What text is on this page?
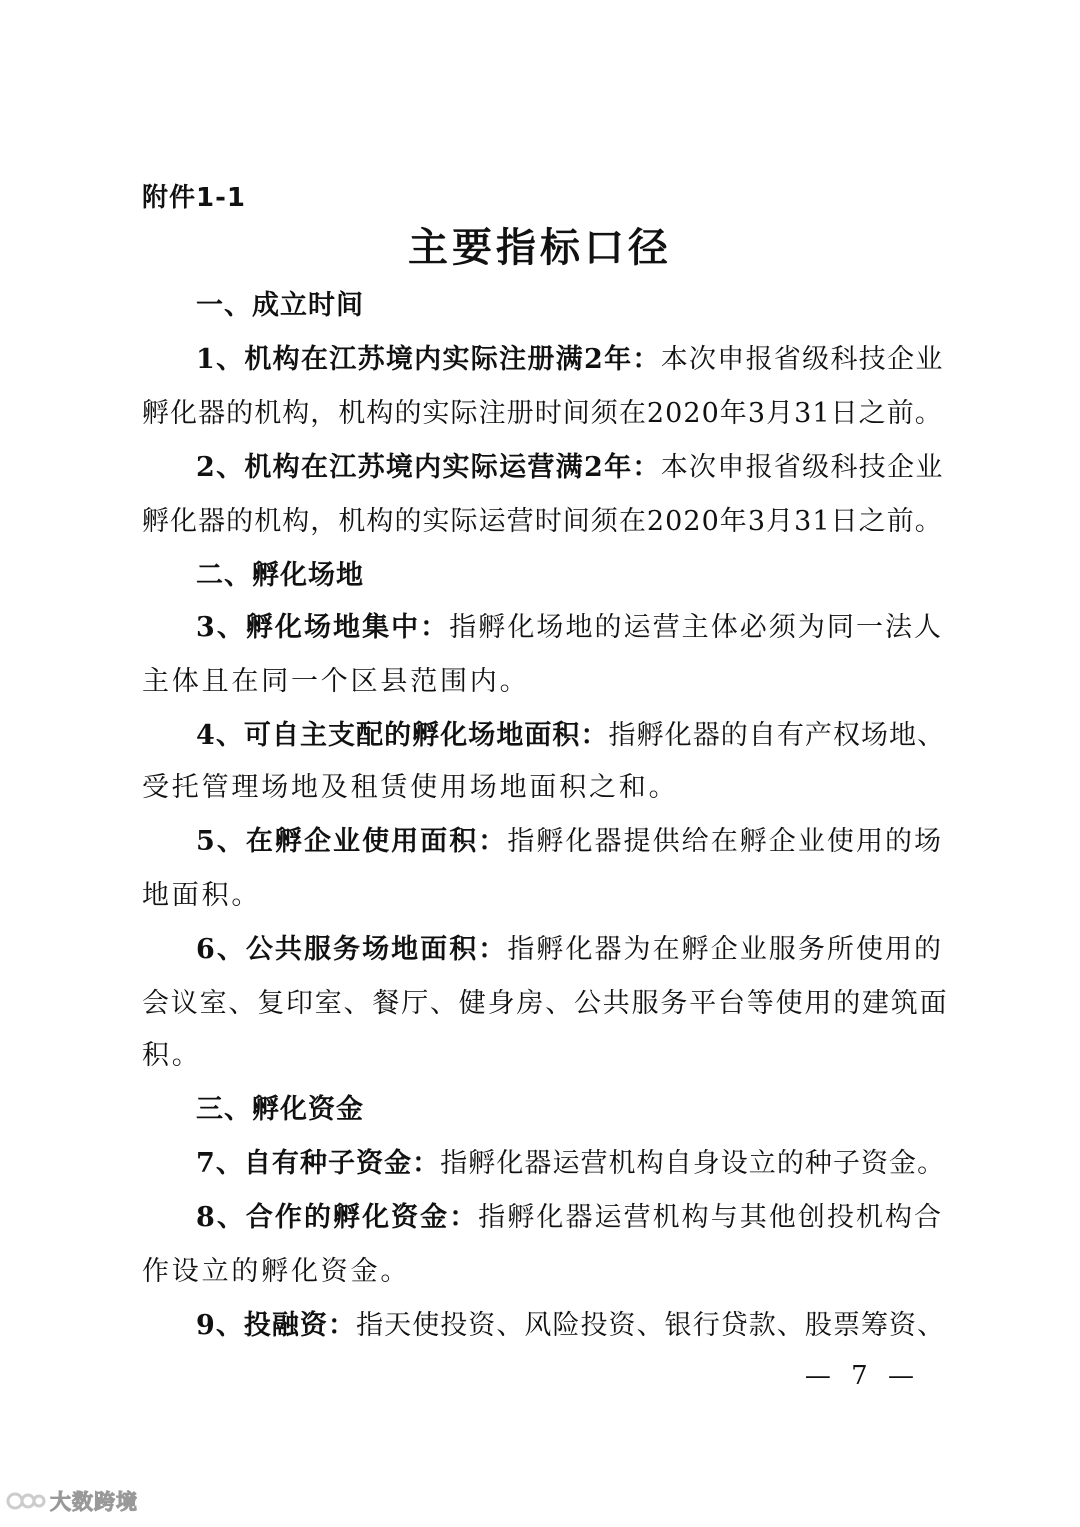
附件1-1
主要指标口径
一、成立时间
1、机构在江苏境内实际注册满2年：本次申报省级科技企业
孵化器的机构，机构的实际注册时间须在2020年3月31日之前。
2、机构在江苏境内实际运营满2年：本次申报省级科技企业
孵化器的机构，机构的实际运营时间须在2020年3月31日之前。
二、孵化场地
3、孵化场地集中：指孵化场地的运营主体必须为同一法人
主体且在同一个区县范围内。
4、可自主支配的孵化场地面积：指孵化器的自有产权场地、
受托管理场地及租赁使用场地面积之和。
5、在孵企业使用面积：指孵化器提供给在孵企业使用的场
地面积。
6、公共服务场地面积：指孵化器为在孵企业服务所使用的
会议室、复印室、餐厅、健身房、公共服务平台等使用的建筑面
积。
三、孵化资金
7、自有种子资金：指孵化器运营机构自身设立的种子资金。
8、合作的孵化资金：指孵化器运营机构与其他创投机构合
作设立的孵化资金。
9、投融资：指天使投资、风险投资、银行贷款、股票筹资、
— 7 —
大数跨境
